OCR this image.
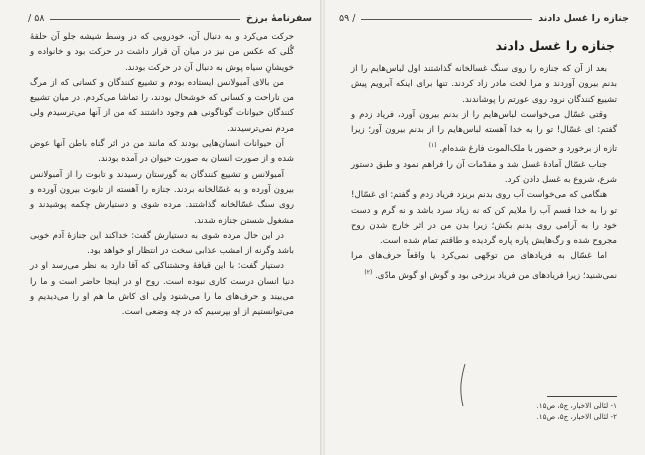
سفرنامهٔ برزخ
۵۸ /

حرکت می‌کرد و به دنبال آن، خودرویی که در وسط شیشه جلو آن حلقهٔ گُلی که عکس من نیز در میان آن قرار داشت در حرکت بود و خانواده و خویشانِ سیاه پوش به دنبال آن در حرکت بودند.

من بالای آمبولانس ایستاده بودم و تشییع کنندگان و کسانی که از مرگ من ناراحت و کسانی که خوشحال بودند، را تماشا می‌کردم. در میان تشییع کنندگان حیوانات گوناگونی هم وجود داشتند که من از آنها می‌ترسیدم ولی مردم نمی‌ترسیدند.

آن حیوانات انسان‌هایی بودند که مانند من در اثر گناه باطن آنها عوض شده و از صورت انسان به صورت حیوان در آمده بودند.

آمبولانس و تشییع کنندگان به گورستان رسیدند و تابوت را از آمبولانس بیرون آورده و به غسّالخانه بردند. جنازه را آهسته از تابوت بیرون آورده و روی سنگ غسّالخانه گذاشتند. مرده شوی و دستیارش چکمه پوشیدند و مشغول شستن جنازه شدند.

در این حال مرده شوی به دستیارش گفت: خداکند این جنازهٔ آدم خوبی باشد وگرنه از امشب عذابی سخت در انتظار او خواهد بود.

دستیار گفت: با این قیافهٔ وحشتناکی که آقا دارد به نظر می‌رسد او در دنیا انسان درست کاری نبوده است. روح او در اینجا حاضر است و ما را می‌بیند و حرف‌های ما را می‌شنود ولی ای کاش ما هم او را می‌دیدیم و می‌توانستیم از او بپرسیم که در چه وضعی است.

جنازه را غسل دادند
/ ۵۹
جنازه را غسل دادند

بعد از آن که جنازه را روی سنگ غسالخانه گذاشتند اول لباس‌هایم را از بدنم بیرون آوردند و مرا لخت مادر زاد کردند. تنها برای اینکه آبرویم پیش تشییع کنندگان نرود روی عورتم را پوشاندند.

وقتی غسّال می‌خواست لباس‌هایم را از بدنم بیرون آورد، فریاد زدم و گفتم: ای غسّال! تو را به خدا آهسته لباس‌هایم را از بدنم بیرون آور؛ زیرا تازه از برخورد و حضور با ملک‌الموت فارغ شده‌ام. $^{(۱)}$

جناب غسّال آمادهٔ غسل شد و مقدّمات آن را فراهم نمود و طبق دستور شرع، شروع به غسل دادن کرد.

هنگامی که می‌خواست آب روی بدنم بریزد فریاد زدم و گفتم: ای غسّال! تو را به خدا قسم آب را ملایم کن که نه زیاد سرد باشد و نه گرم و دست خود را به آرامی روی بدنم بکش؛ زیرا بدن من در اثر خارج شدن روح مجروح شده و رگ‌هایش پاره پاره گردیده و طاقتم تمام شده است.

اما غسّال به فریادهای من توجّهی نمی‌کرد یا واقعاً حرف‌های مرا نمی‌شنید؛ زیرا فریادهای من فریاد برزخی بود و گوش او گوش مادّی. $^{(۲)}$

۱- لئالی الاخبار، ج۵، ص۱۵.
۲- لئالی الاخبار، ج۵، ص۱۵.
